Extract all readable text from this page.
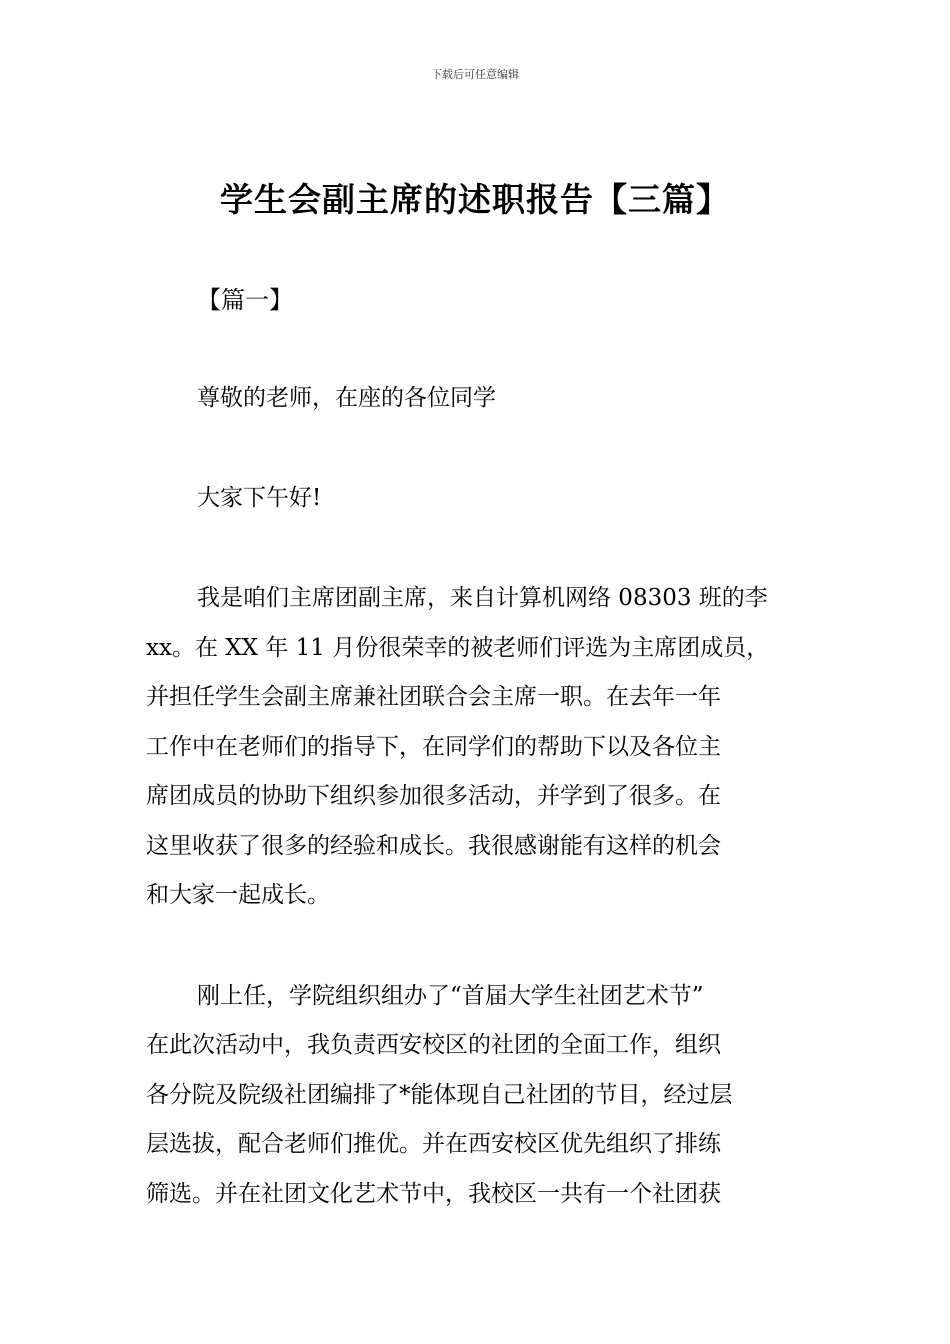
下载后可任意编辑
学生会副主席的述职报告【三篇】
【篇一】
尊敬的老师，在座的各位同学
大家下午好!
我是咱们主席团副主席，来自计算机网络 08303 班的李
xx。在 XX 年 11 月份很荣幸的被老师们评选为主席团成员，
并担任学生会副主席兼社团联合会主席一职。在去年一年
工作中在老师们的指导下，在同学们的帮助下以及各位主
席团成员的协助下组织参加很多活动，并学到了很多。在
这里收获了很多的经验和成长。我很感谢能有这样的机会
和大家一起成长。
刚上任，学院组织组办了“首届大学生社团艺术节”
在此次活动中，我负责西安校区的社团的全面工作，组织
各分院及院级社团编排了*能体现自己社团的节目，经过层
层选拔，配合老师们推优。并在西安校区优先组织了排练
筛选。并在社团文化艺术节中，我校区一共有一个社团获
